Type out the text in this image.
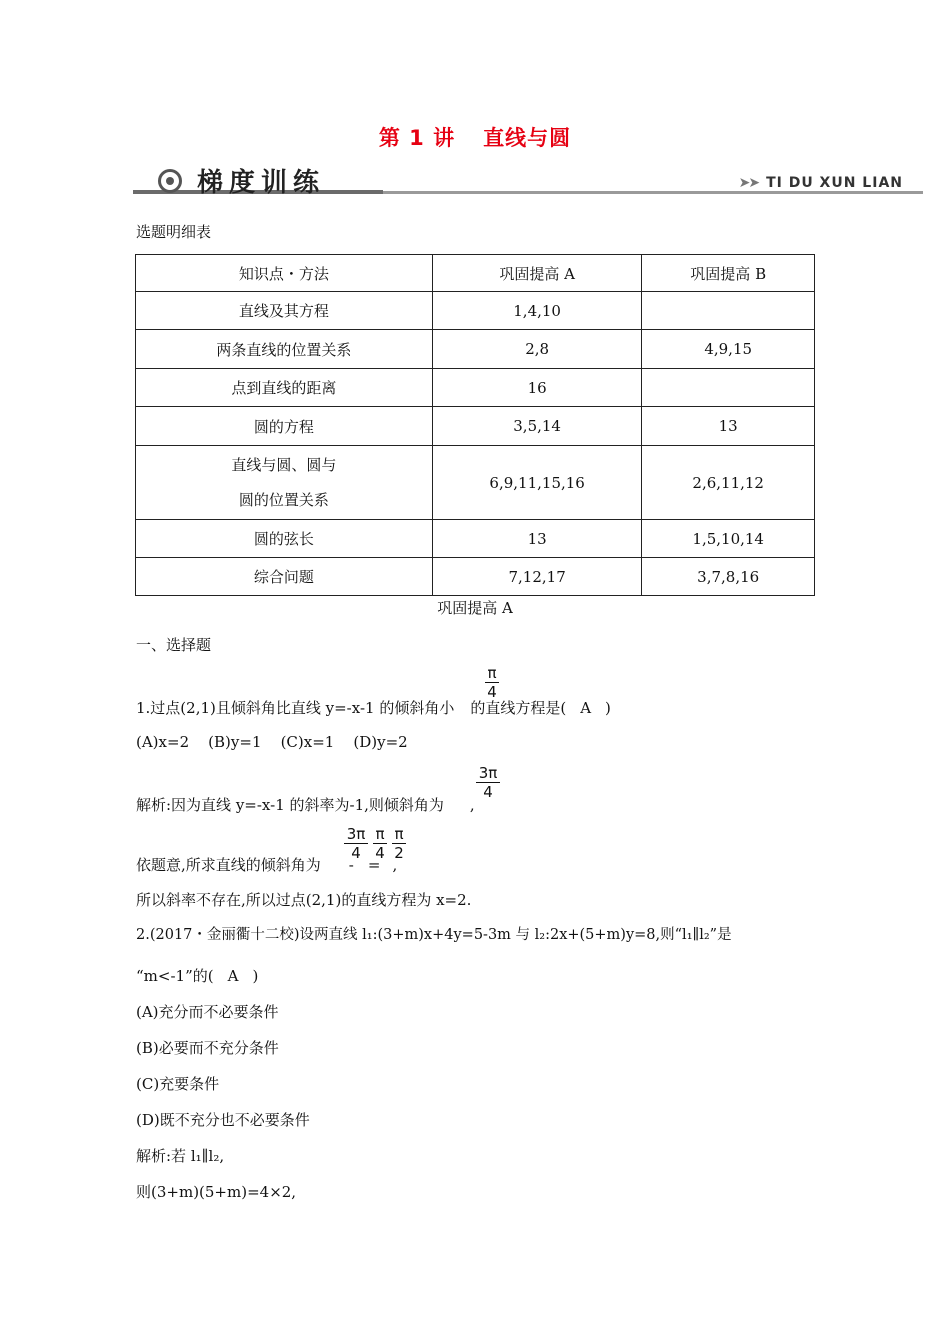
第 1 讲 直线与圆
梯度训练	➤➤ TI DU XUN LIAN
选题明细表
知识点・方法	巩固提高 A	巩固提高 B
直线及其方程	1,4,10	
两条直线的位置关系	2,8	4,9,15
点到直线的距离	16	
圆的方程	3,5,14	13

直线与圆、圆与
圆的位置关系	6,9,11,15,16	2,6,11,12
圆的弦长	13	1,5,10,14
综合问题	7,12,17	3,7,8,16
巩固提高 A
一、选择题
π
4
1.过点(2,1)且倾斜角比直线 y=-x-1 的倾斜角小 的直线方程是( A )
(A)x=2    (B)y=1    (C)x=1    (D)y=2
3π
4
解析:因为直线 y=-x-1 的斜率为-1,则倾斜角为 ,
3π
4
π
4
π
2
依题意,所求直线的倾斜角为 - = ,
所以斜率不存在,所以过点(2,1)的直线方程为 x=2.
2.(2017・金丽衢十二校)设两直线 l₁:(3+m)x+4y=5-3m 与 l₂:2x+(5+m)y=8,则“l₁∥l₂”是
“m<-1”的( A )
(A)充分而不必要条件
(B)必要而不充分条件
(C)充要条件
(D)既不充分也不必要条件
解析:若 l₁∥l₂,
则(3+m)(5+m)=4×2,
